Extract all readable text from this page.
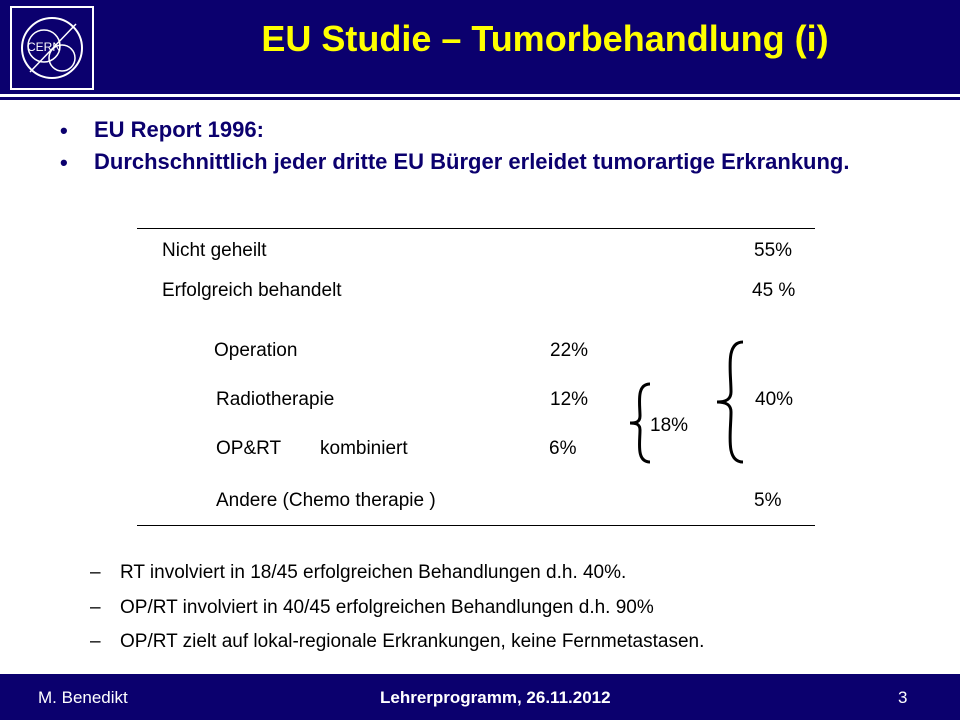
CERN	EU Studie – Tumorbehandlung (i)
• EU Report 1996:
• Durchschnittlich jeder dritte EU Bürger erleidet tumorartige Erkrankung.
Nicht geheilt	55%
Erfolgreich behandelt	45 %
Operation	22%
Radiotherapie	12%
OP&RT kombiniert	6%
18%
40%
Andere (Chemo therapie )	5%
– RT involviert in 18/45 erfolgreichen Behandlungen d.h. 40%.
– OP/RT involviert in 40/45 erfolgreichen Behandlungen d.h. 90%
– OP/RT zielt auf lokal-regionale Erkrankungen, keine Fernmetastasen.
M. Benedikt	Lehrerprogramm, 26.11.2012	3
